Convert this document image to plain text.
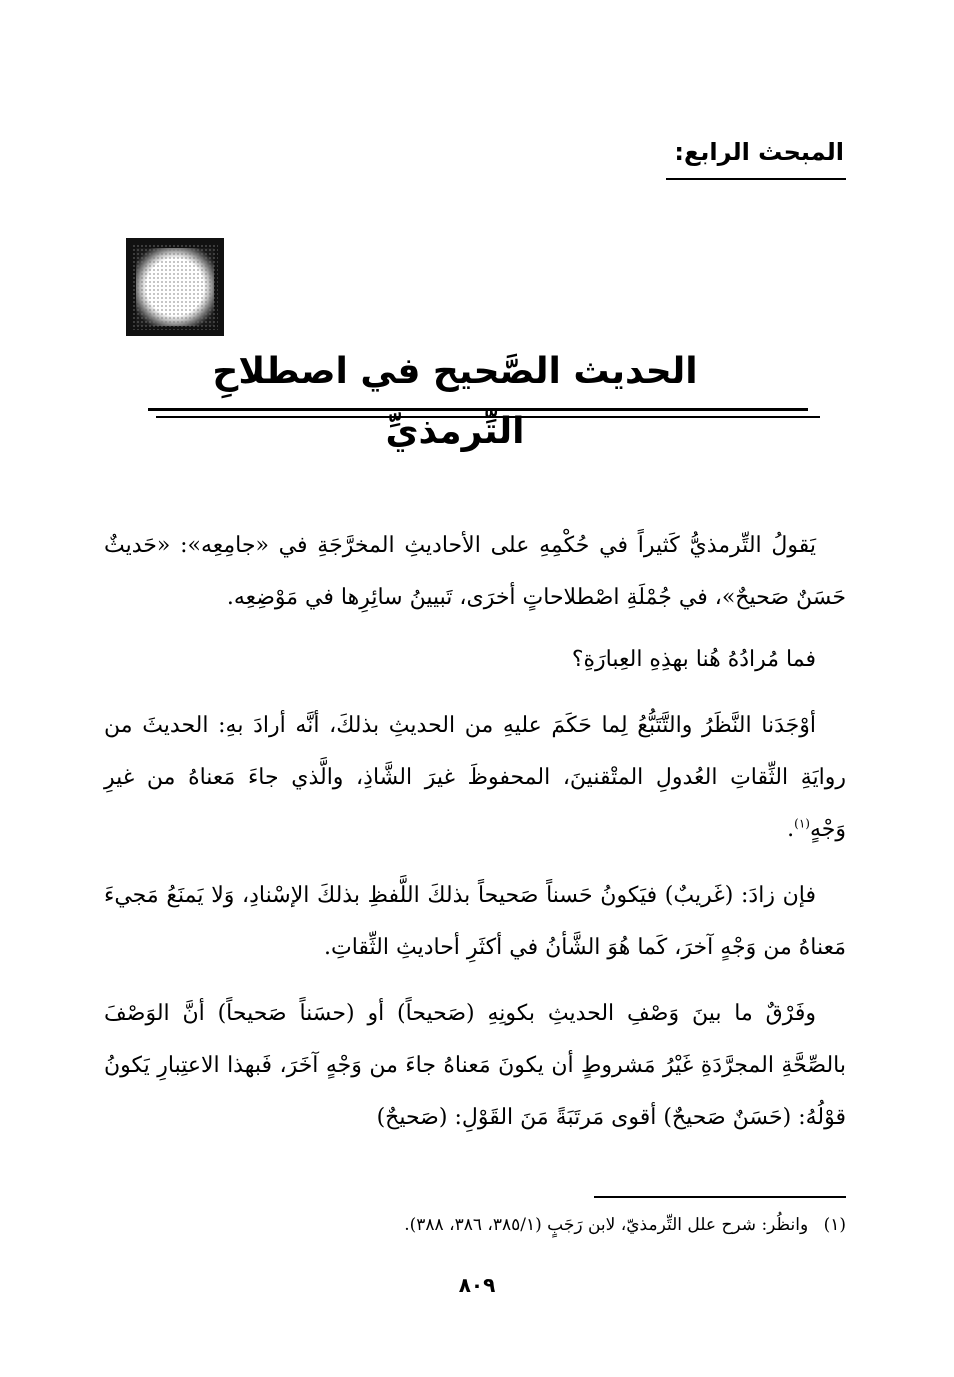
المبحث الرابع:
الحديث الصَّحيح في اصطلاحِ التِّرمذيِّ

يَقولُ التِّرمذيُّ كَثيراً في حُكْمِهِ على الأحاديثِ المخرَّجَةِ في «جامِعِه»: «حَديثٌ حَسَنٌ صَحيحٌ»، في جُمْلَةِ اصْطلاحاتٍ أخرَى، تَبيينُ سائِرِها في مَوْضِعِه.

فما مُرادُهُ هُنا بهذِهِ العِبارَةِ؟

أوْجَدَنا النَّظَرُ والتَّتَبُّعُ لِما حَكَمَ عليهِ من الحديثِ بذلكَ، أنَّه أرادَ بهِ: الحديثَ من روايَةِ الثِّقاتِ العُدولِ المتْقنينَ، المحفوظَ غيرَ الشَّاذِ، والَّذي جاءَ مَعناهُ من غيرِ وَجْهٍ$^{(١)}$.

فإن زادَ: (غَريبٌ) فيَكونُ حَسناً صَحيحاً بذلكَ اللَّفظِ بذلكَ الإسْنادِ، وَلا يَمنَعُ مَجيءَ مَعناهُ من وَجْهٍ آخرَ، كَما هُوَ الشَّأنُ في أكثَرِ أحاديثِ الثِّقاتِ.

وفَرْقٌ ما بينَ وَصْفِ الحديثِ بكونِهِ (صَحيحاً) أو (حسَناً صَحيحاً) أنَّ الوَصْفَ بالصِّحَّةِ المجرَّدَةِ غَيْرُ مَشروطٍ أن يكونَ مَعناهُ جاءَ من وَجْهٍ آخَرَ، فَبهذا الاعتِبارِ يَكونُ قوْلُهُ: (حَسَنٌ صَحيحٌ) أقوى مَرتَبَةً مَنَ القَوْلِ: (صَحيحٌ)

(١) وانظُر: شرح علل التِّرمذيّ، لابن رَجَبٍ (٣٨٥/١، ٣٨٦، ٣٨٨).
٨٠٩
